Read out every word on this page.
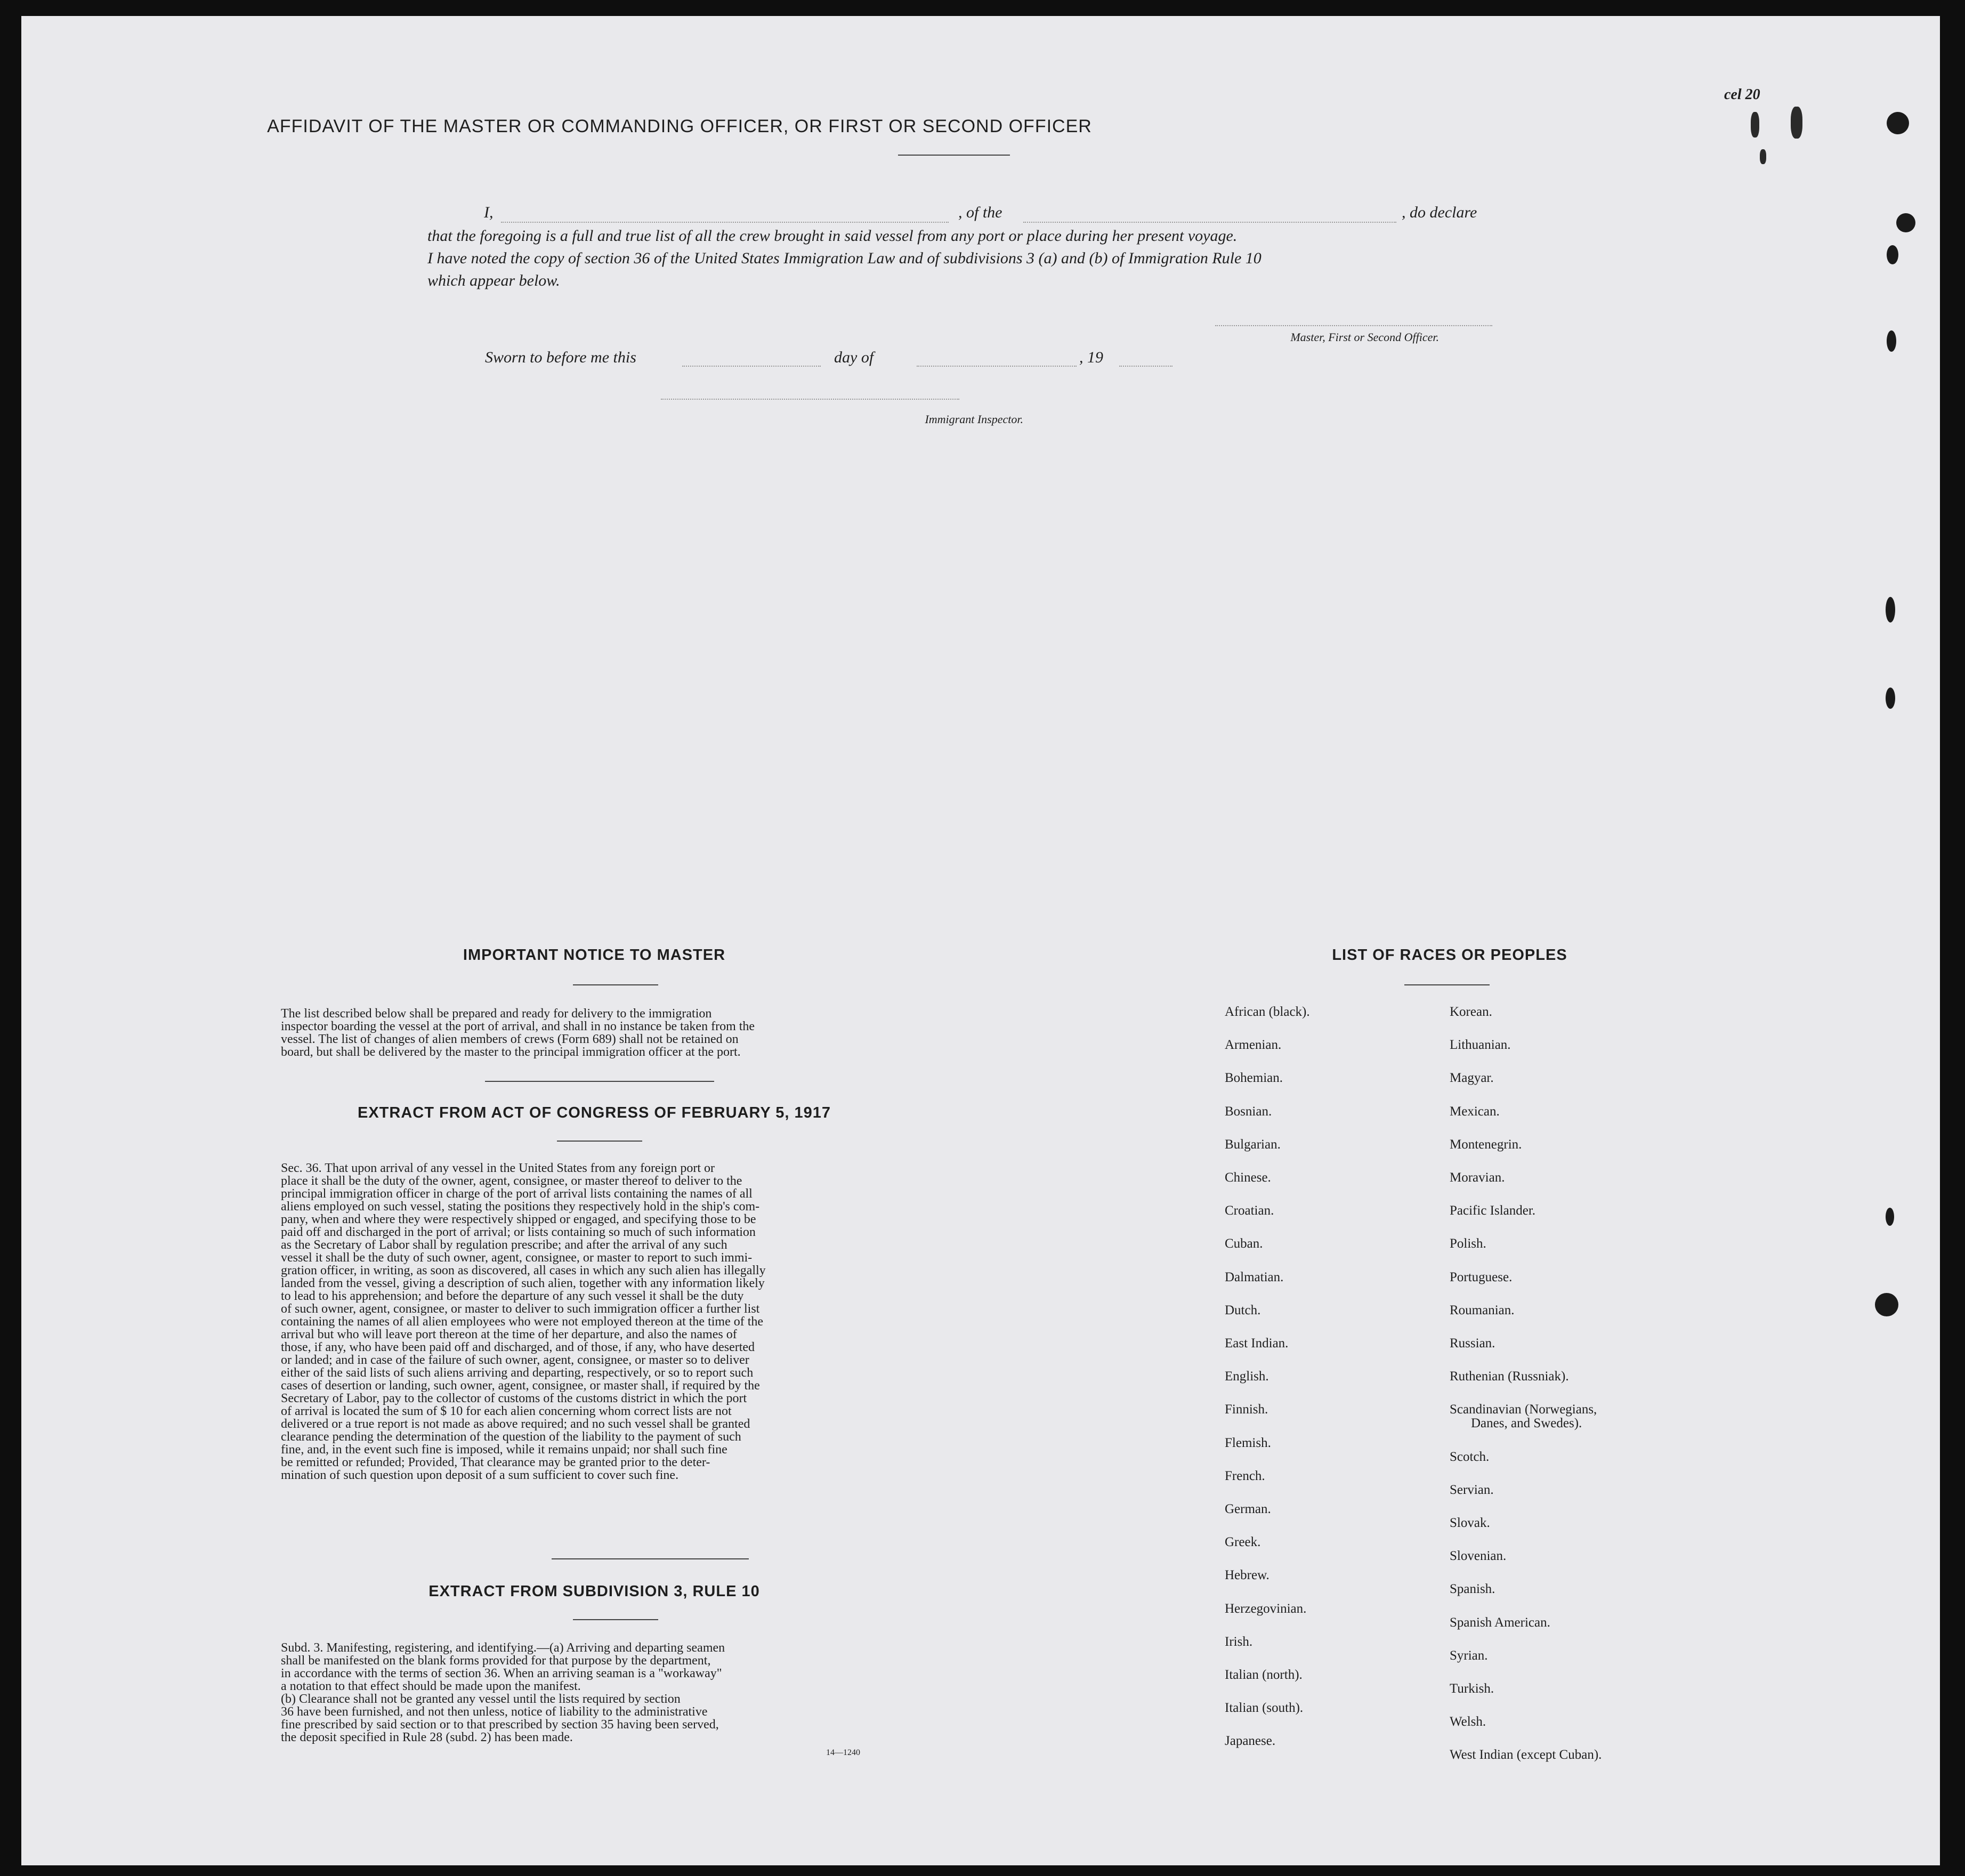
cel 20
AFFIDAVIT OF THE MASTER OR COMMANDING OFFICER, OR FIRST OR SECOND OFFICER
I,	, of the	, do declare
that the foregoing is a full and true list of all the crew brought in said vessel from any port or place during her present voyage.
I have noted the copy of section 36 of the United States Immigration Law and of subdivisions 3 (a) and (b) of Immigration Rule 10
which appear below.
Master, First or Second Officer.
Sworn to before me this	day of	, 19
Immigrant Inspector.
IMPORTANT NOTICE TO MASTER
The list described below shall be prepared and ready for delivery to the immigration
inspector boarding the vessel at the port of arrival, and shall in no instance be taken from the
vessel. The list of changes of alien members of crews (Form 689) shall not be retained on
board, but shall be delivered by the master to the principal immigration officer at the port.
EXTRACT FROM ACT OF CONGRESS OF FEBRUARY 5, 1917
Sec. 36. That upon arrival of any vessel in the United States from any foreign port or
place it shall be the duty of the owner, agent, consignee, or master thereof to deliver to the
principal immigration officer in charge of the port of arrival lists containing the names of all
aliens employed on such vessel, stating the positions they respectively hold in the ship's com-
pany, when and where they were respectively shipped or engaged, and specifying those to be
paid off and discharged in the port of arrival; or lists containing so much of such information
as the Secretary of Labor shall by regulation prescribe; and after the arrival of any such
vessel it shall be the duty of such owner, agent, consignee, or master to report to such immi-
gration officer, in writing, as soon as discovered, all cases in which any such alien has illegally
landed from the vessel, giving a description of such alien, together with any information likely
to lead to his apprehension; and before the departure of any such vessel it shall be the duty
of such owner, agent, consignee, or master to deliver to such immigration officer a further list
containing the names of all alien employees who were not employed thereon at the time of the
arrival but who will leave port thereon at the time of her departure, and also the names of
those, if any, who have been paid off and discharged, and of those, if any, who have deserted
or landed; and in case of the failure of such owner, agent, consignee, or master so to deliver
either of the said lists of such aliens arriving and departing, respectively, or so to report such
cases of desertion or landing, such owner, agent, consignee, or master shall, if required by the
Secretary of Labor, pay to the collector of customs of the customs district in which the port
of arrival is located the sum of $ 10 for each alien concerning whom correct lists are not
delivered or a true report is not made as above required; and no such vessel shall be granted
clearance pending the determination of the question of the liability to the payment of such
fine, and, in the event such fine is imposed, while it remains unpaid; nor shall such fine
be remitted or refunded; Provided, That clearance may be granted prior to the deter-
mination of such question upon deposit of a sum sufficient to cover such fine.
EXTRACT FROM SUBDIVISION 3, RULE 10
Subd. 3. Manifesting, registering, and identifying.—(a) Arriving and departing seamen
shall be manifested on the blank forms provided for that purpose by the department,
in accordance with the terms of section 36. When an arriving seaman is a "workaway"
a notation to that effect should be made upon the manifest.
(b) Clearance shall not be granted any vessel until the lists required by section
36 have been furnished, and not then unless, notice of liability to the administrative
fine prescribed by said section or to that prescribed by section 35 having been served,
the deposit specified in Rule 28 (subd. 2) has been made.
14—1240
LIST OF RACES OR PEOPLES
African (black).
Armenian.
Bohemian.
Bosnian.
Bulgarian.
Chinese.
Croatian.
Cuban.
Dalmatian.
Dutch.
East Indian.
English.
Finnish.
Flemish.
French.
German.
Greek.
Hebrew.
Herzegovinian.
Irish.
Italian (north).
Italian (south).
Japanese.
Korean.
Lithuanian.
Magyar.
Mexican.
Montenegrin.
Moravian.
Pacific Islander.
Polish.
Portuguese.
Roumanian.
Russian.
Ruthenian (Russniak).
Scandinavian (Norwegians,
Danes, and Swedes).
Scotch.
Servian.
Slovak.
Slovenian.
Spanish.
Spanish American.
Syrian.
Turkish.
Welsh.
West Indian (except Cuban).
